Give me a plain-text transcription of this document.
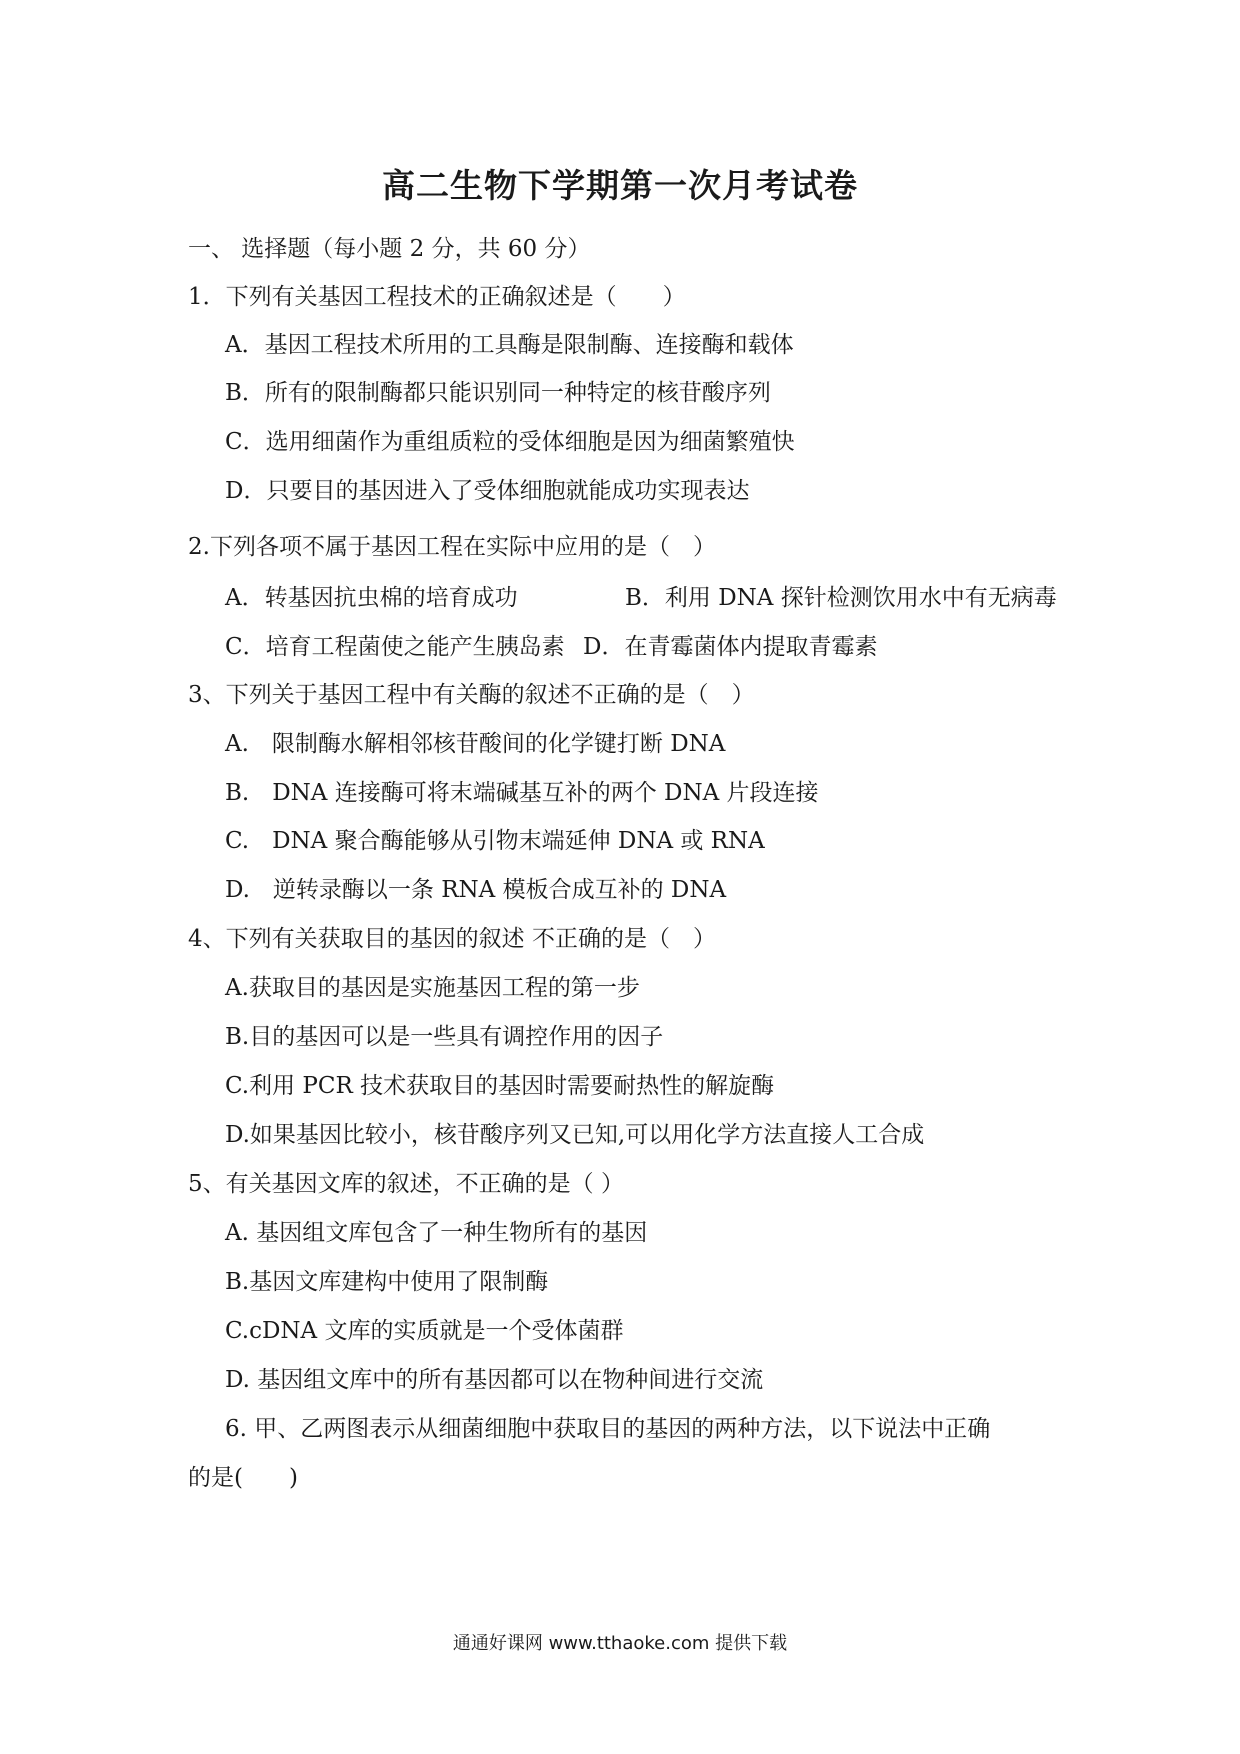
高二生物下学期第一次月考试卷
一、 选择题（每小题 2 分，共 60 分）
1．下列有关基因工程技术的正确叙述是（　　）
A．基因工程技术所用的工具酶是限制酶、连接酶和载体
B．所有的限制酶都只能识别同一种特定的核苷酸序列
C．选用细菌作为重组质粒的受体细胞是因为细菌繁殖快
D．只要目的基因进入了受体细胞就能成功实现表达
2.下列各项不属于基因工程在实际中应用的是（　）
A．转基因抗虫棉的培育成功	B．利用 DNA 探针检测饮用水中有无病毒
C．培育工程菌使之能产生胰岛素 D．在青霉菌体内提取青霉素
3、下列关于基因工程中有关酶的叙述不正确的是（　）
A.　限制酶水解相邻核苷酸间的化学键打断 DNA
B.　DNA 连接酶可将末端碱基互补的两个 DNA 片段连接
C.　DNA 聚合酶能够从引物末端延伸 DNA 或 RNA
D.　逆转录酶以一条 RNA 模板合成互补的 DNA
4、下列有关获取目的基因的叙述 不正确的是（　）
A.获取目的基因是实施基因工程的第一步
B.目的基因可以是一些具有调控作用的因子
C.利用 PCR 技术获取目的基因时需要耐热性的解旋酶
D.如果基因比较小，核苷酸序列又已知,可以用化学方法直接人工合成
5、有关基因文库的叙述，不正确的是（ ）
A. 基因组文库包含了一种生物所有的基因
B.基因文库建构中使用了限制酶
C.cDNA 文库的实质就是一个受体菌群
D. 基因组文库中的所有基因都可以在物种间进行交流
6. 甲、乙两图表示从细菌细胞中获取目的基因的两种方法，以下说法中正确
的是(　　)
通通好课网 www.tthaoke.com 提供下载
